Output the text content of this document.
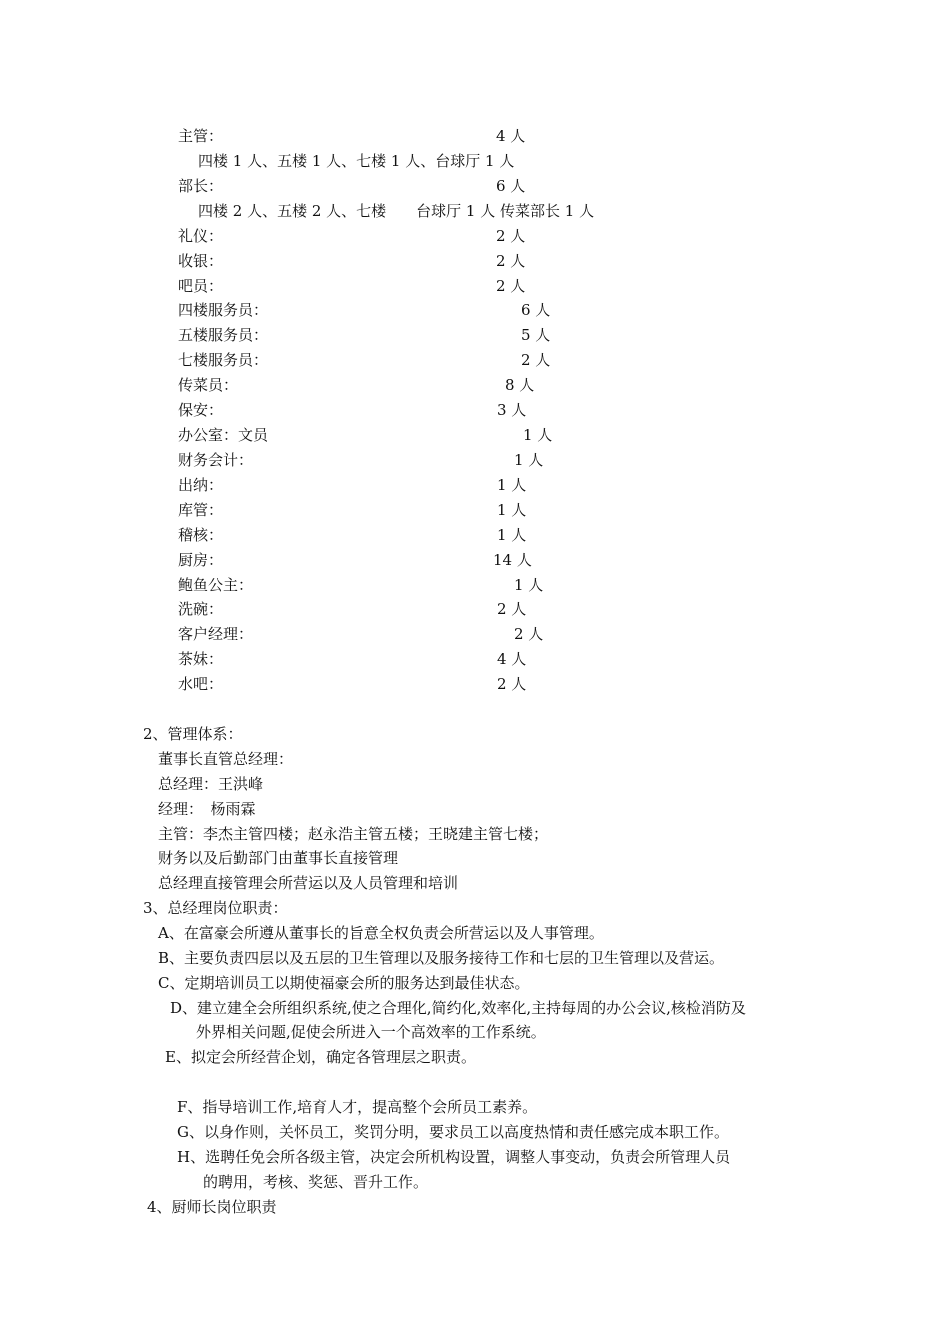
主管：	4 人
四楼 1 人、五楼 1 人、七楼 1 人、台球厅 1 人
部长：	6 人
四楼 2 人、五楼 2 人、七楼　　台球厅 1 人 传菜部长 1 人
礼仪：	2 人
收银：	2 人
吧员：	2 人
四楼服务员：	6 人
五楼服务员：	5 人
七楼服务员：	2 人
传菜员：	8 人
保安：	3 人
办公室：文员	1 人
财务会计：	1 人
出纳：	1 人
库管：	1 人
稽核：	1 人
厨房：	14 人
鲍鱼公主：	1 人
洗碗：	2 人
客户经理：	2 人
茶妹：	4 人
水吧：	2 人
2、管理体系：
董事长直管总经理：
总经理：王洪峰
经理：　杨雨霖
主管：李杰主管四楼；赵永浩主管五楼；王晓建主管七楼；
财务以及后勤部门由董事长直接管理
总经理直接管理会所营运以及人员管理和培训
3、总经理岗位职责：
A、在富豪会所遵从董事长的旨意全权负责会所营运以及人事管理。
B、主要负责四层以及五层的卫生管理以及服务接待工作和七层的卫生管理以及营运。
C、定期培训员工以期使福豪会所的服务达到最佳状态。
D、建立建全会所组织系统,使之合理化,简约化,效率化,主持每周的办公会议,核检消防及
外界相关问题,促使会所进入一个高效率的工作系统。
E、拟定会所经营企划，确定各管理层之职责。
F、指导培训工作,培育人才，提高整个会所员工素养。
G、以身作则，关怀员工，奖罚分明，要求员工以高度热情和责任感完成本职工作。
H、选聘任免会所各级主管，决定会所机构设置，调整人事变动，负责会所管理人员
的聘用，考核、奖惩、晋升工作。
4、厨师长岗位职责
